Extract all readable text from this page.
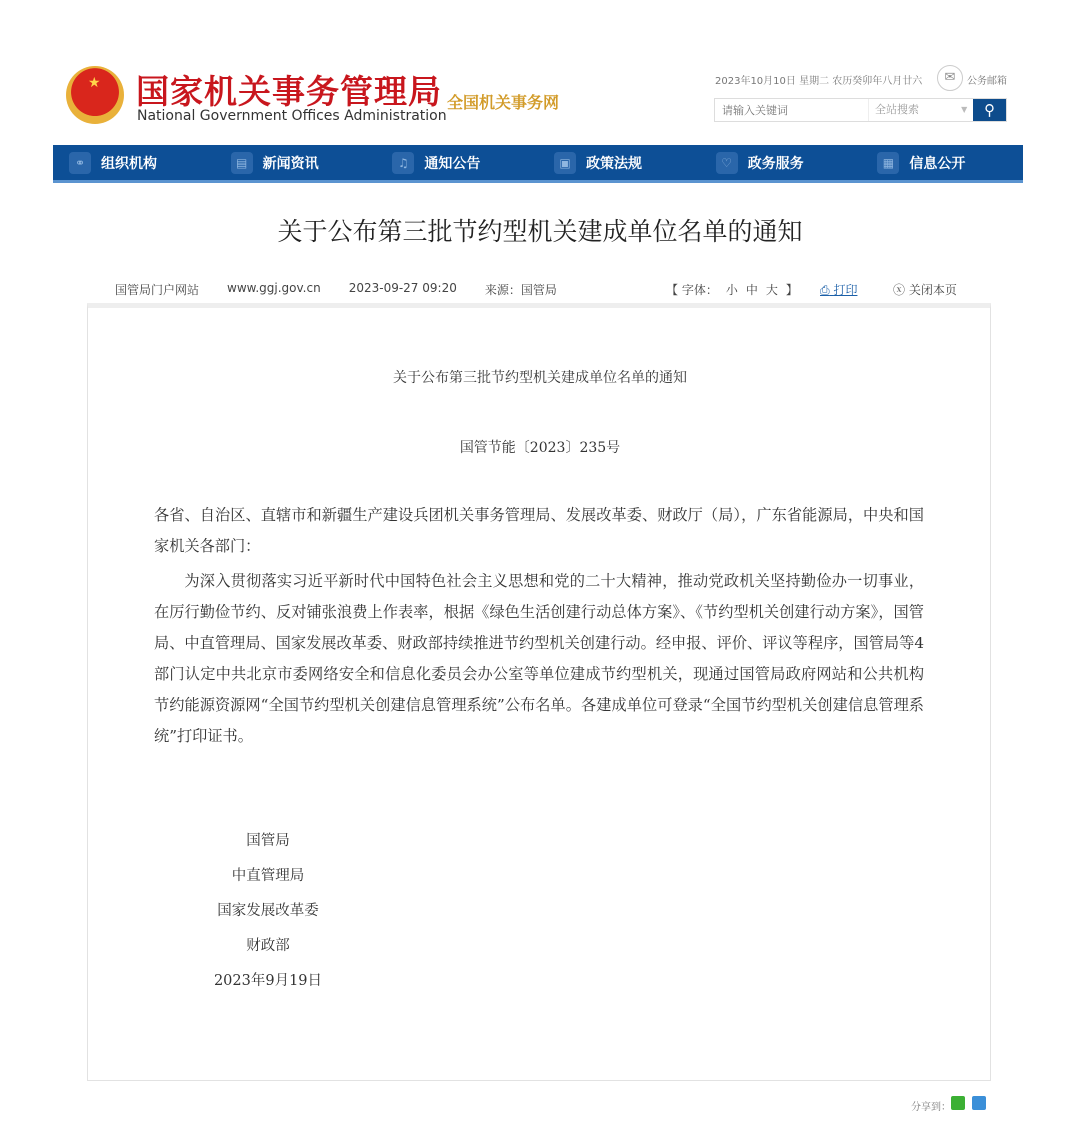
★ 国家机关事务管理局
National Government Offices Administration
全国机关事务网
2023年10月10日 星期二 农历癸卯年八月廿六	✉	公务邮箱
请输入关键词
全站搜索	▼	⚲
⚭	组织机构	▤	新闻资讯	♫	通知公告	▣	政策法规	♡	政务服务	▦	信息公开
关于公布第三批节约型机关建成单位名单的通知
国管局门户网站 www.ggj.gov.cn 2023-09-27 09:20 来源：国管局	【 字体： 小 中 大 】 ⎙ 打印	ⓧ 关闭本页
关于公布第三批节约型机关建成单位名单的通知
国管节能〔2023〕235号
各省、自治区、直辖市和新疆生产建设兵团机关事务管理局、发展改革委、财政厅（局），广东省能源局，中央和国家机关各部门：
为深入贯彻落实习近平新时代中国特色社会主义思想和党的二十大精神，推动党政机关坚持勤俭办一切事业，在厉行勤俭节约、反对铺张浪费上作表率，根据《绿色生活创建行动总体方案》、《节约型机关创建行动方案》，国管局、中直管理局、国家发展改革委、财政部持续推进节约型机关创建行动。经申报、评价、评议等程序，国管局等4部门认定中共北京市委网络安全和信息化委员会办公室等单位建成节约型机关，现通过国管局政府网站和公共机构节约能源资源网“全国节约型机关创建信息管理系统”公布名单。各建成单位可登录“全国节约型机关创建信息管理系统”打印证书。
国管局
中直管理局
国家发展改革委
财政部
2023年9月19日
分享到：
